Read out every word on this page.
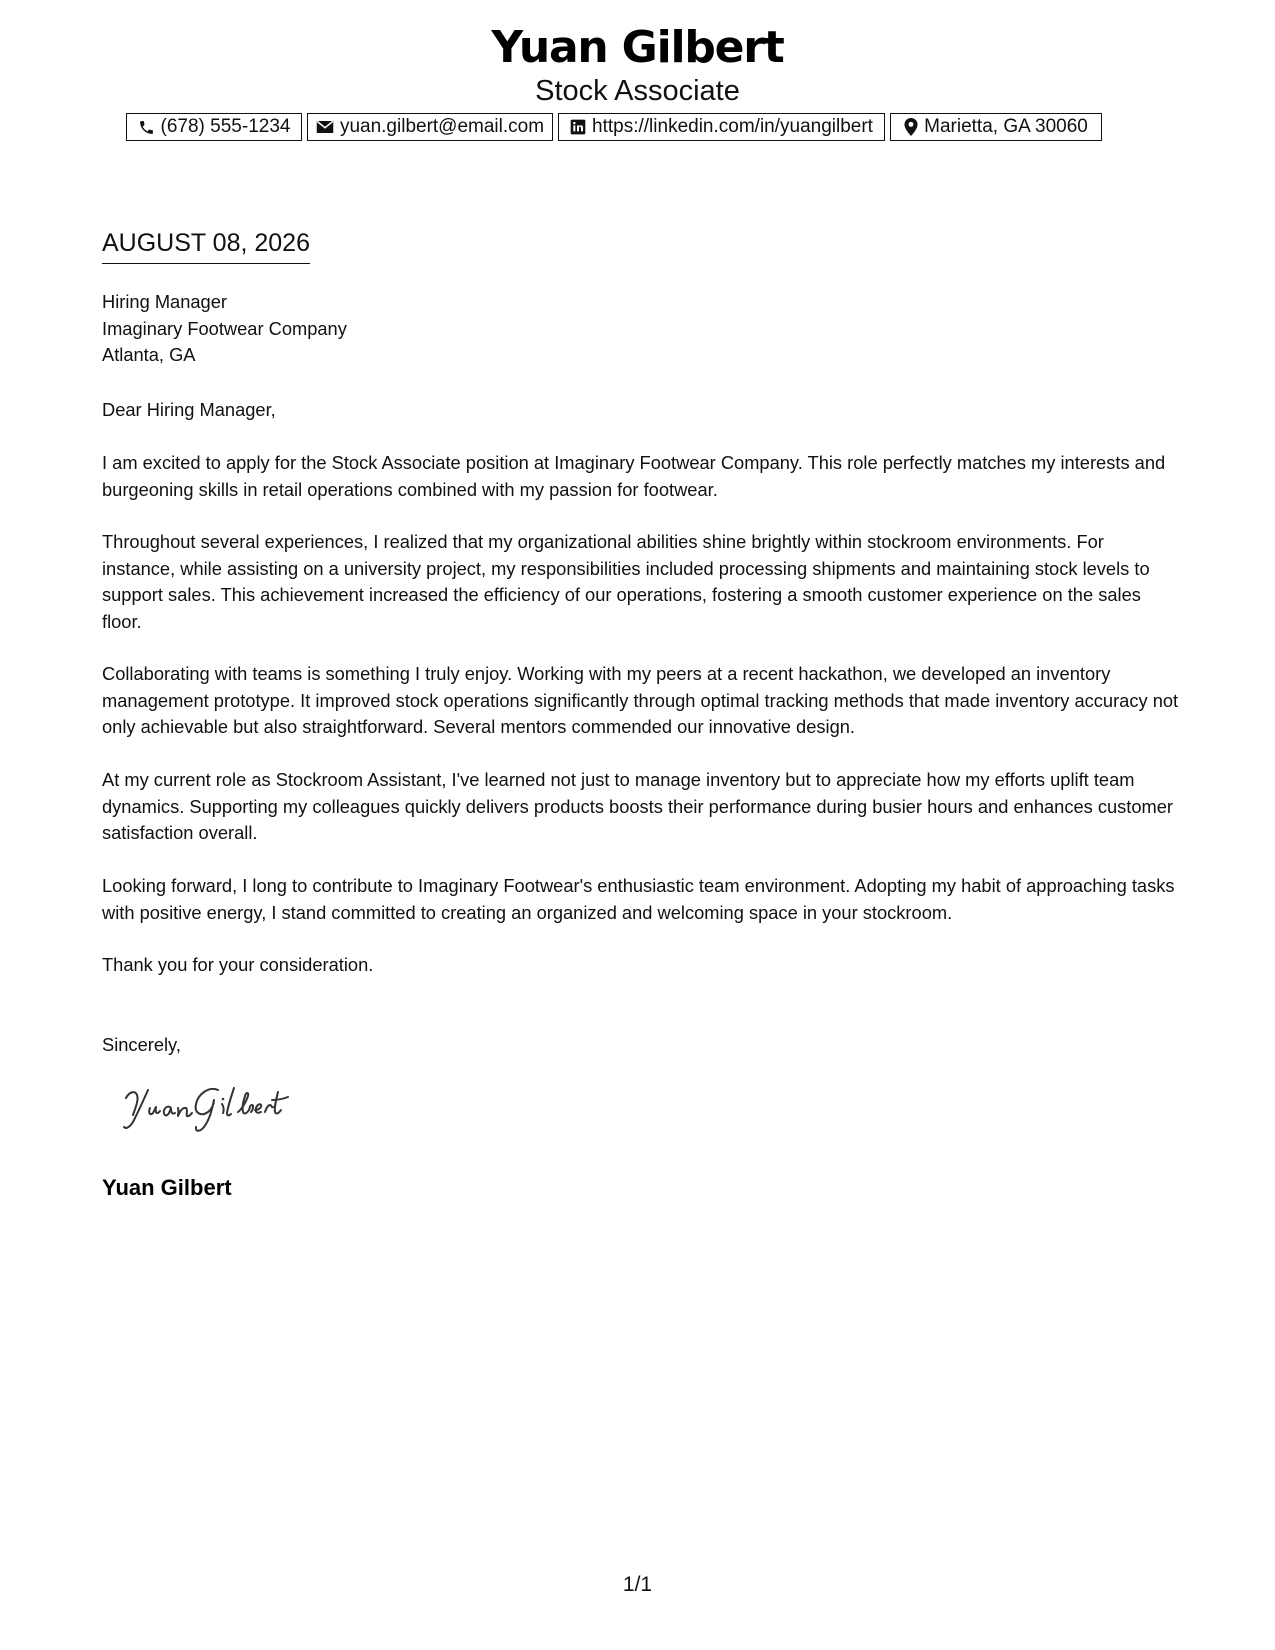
Yuan Gilbert
Stock Associate
(678) 555-1234	yuan.gilbert@email.com	https://linkedin.com/in/yuangilbert	Marietta, GA 30060
AUGUST 08, 2026
Hiring Manager
Imaginary Footwear Company
Atlanta, GA
Dear Hiring Manager,

I am excited to apply for the Stock Associate position at Imaginary Footwear Company. This role perfectly matches my interests and burgeoning skills in retail operations combined with my passion for footwear.

Throughout several experiences, I realized that my organizational abilities shine brightly within stockroom environments. For instance, while assisting on a university project, my responsibilities included processing shipments and maintaining stock levels to support sales. This achievement increased the efficiency of our operations, fostering a smooth customer experience on the sales floor.

Collaborating with teams is something I truly enjoy. Working with my peers at a recent hackathon, we developed an inventory management prototype. It improved stock operations significantly through optimal tracking methods that made inventory accuracy not only achievable but also straightforward. Several mentors commended our innovative design.

At my current role as Stockroom Assistant, I've learned not just to manage inventory but to appreciate how my efforts uplift team dynamics. Supporting my colleagues quickly delivers products boosts their performance during busier hours and enhances customer satisfaction overall.

Looking forward, I long to contribute to Imaginary Footwear's enthusiastic team environment. Adopting my habit of approaching tasks with positive energy, I stand committed to creating an organized and welcoming space in your stockroom.

Thank you for your consideration.

Sincerely,
Yuan Gilbert
1/1
